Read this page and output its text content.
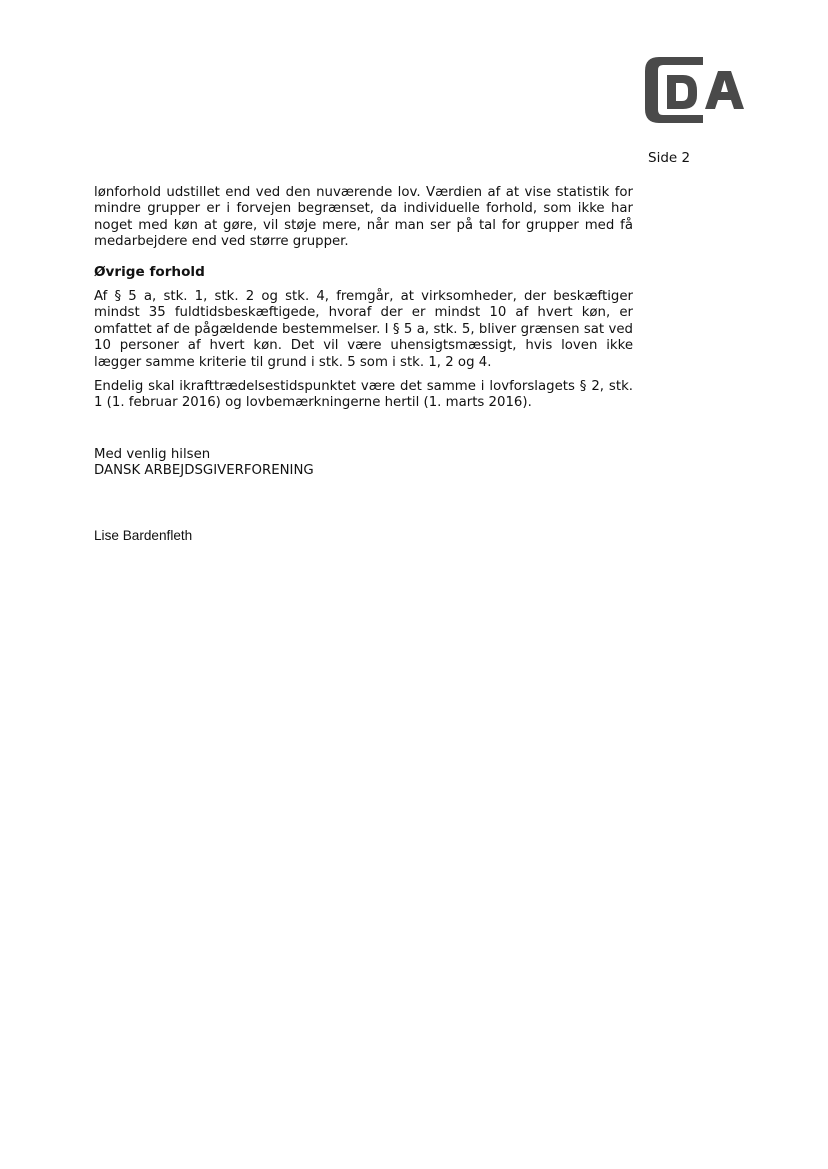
Side 2

lønforhold udstillet end ved den nuværende lov. Værdien af at vise statistik for mindre grupper er i forvejen begrænset, da individuelle forhold, som ikke har noget med køn at gøre, vil støje mere, når man ser på tal for grupper med få medarbejdere end ved større grupper.

Øvrige forhold

Af § 5 a, stk. 1, stk. 2 og stk. 4, fremgår, at virksomheder, der beskæftiger mindst 35 fuldtidsbeskæftigede, hvoraf der er mindst 10 af hvert køn, er omfattet af de pågældende bestemmelser. I § 5 a, stk. 5, bliver grænsen sat ved 10 personer af hvert køn. Det vil være uhensigtsmæssigt, hvis loven ikke lægger samme kriterie til grund i stk. 5 som i stk. 1, 2 og 4.

Endelig skal ikrafttrædelsestidspunktet være det samme i lovforslagets § 2, stk. 1 (1. februar 2016) og lovbemærkningerne hertil (1. marts 2016).

Med venlig hilsen
DANSK ARBEJDSGIVERFORENING
Lise Bardenfleth
